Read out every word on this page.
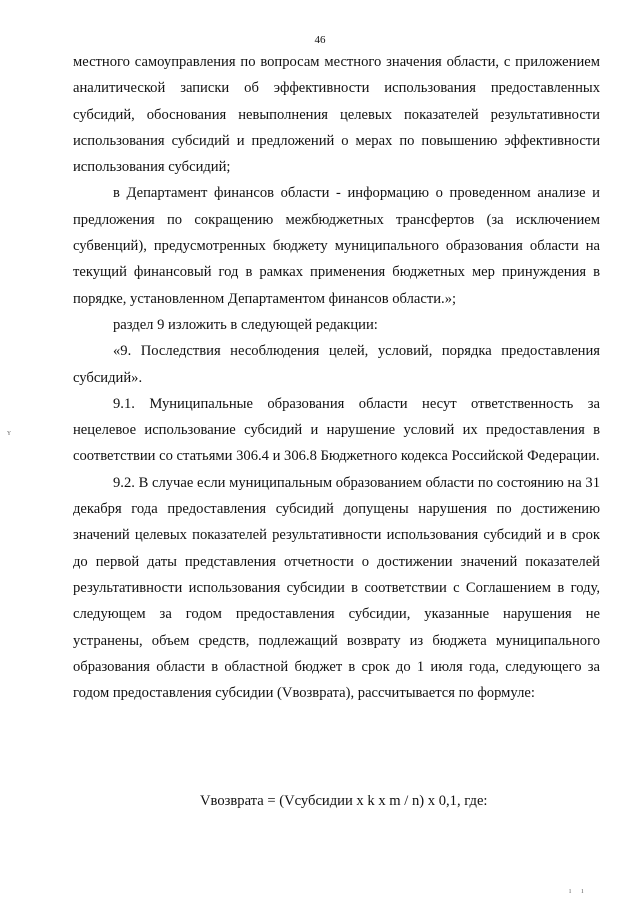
46

местного самоуправления по вопросам местного значения области, с приложением аналитической записки об эффективности использования предоставленных субсидий, обоснования невыполнения целевых показателей результативности использования субсидий и предложений о мерах по повышению эффективности использования субсидий;

в Департамент финансов области - информацию о проведенном анализе и предложения по сокращению межбюджетных трансфертов (за исключением субвенций), предусмотренных бюджету муниципального образования области на текущий финансовый год в рамках применения бюджетных мер принуждения в порядке, установленном Департаментом финансов области.»;

раздел 9 изложить в следующей редакции:

«9. Последствия несоблюдения целей, условий, порядка предоставления субсидий».

9.1. Муниципальные образования области несут ответственность за нецелевое использование субсидий и нарушение условий их предоставления в соответствии со статьями 306.4 и 306.8 Бюджетного кодекса Российской Федерации.

9.2. В случае если муниципальным образованием области по состоянию на 31 декабря года предоставления субсидий допущены нарушения по достижению значений целевых показателей результативности использования субсидий и в срок до первой даты представления отчетности о достижении значений показателей результативности использования субсидии в соответствии с Соглашением в году, следующем за годом предоставления субсидии, указанные нарушения не устранены, объем средств, подлежащий возврату из бюджета муниципального образования области в областной бюджет в срок до 1 июля года, следующего за годом предоставления субсидии (Vвозврата), рассчитывается по формуле:

Vвозврата = (Vсубсидии x k x m / n) x 0,1, где:
ʏ
ı ı
